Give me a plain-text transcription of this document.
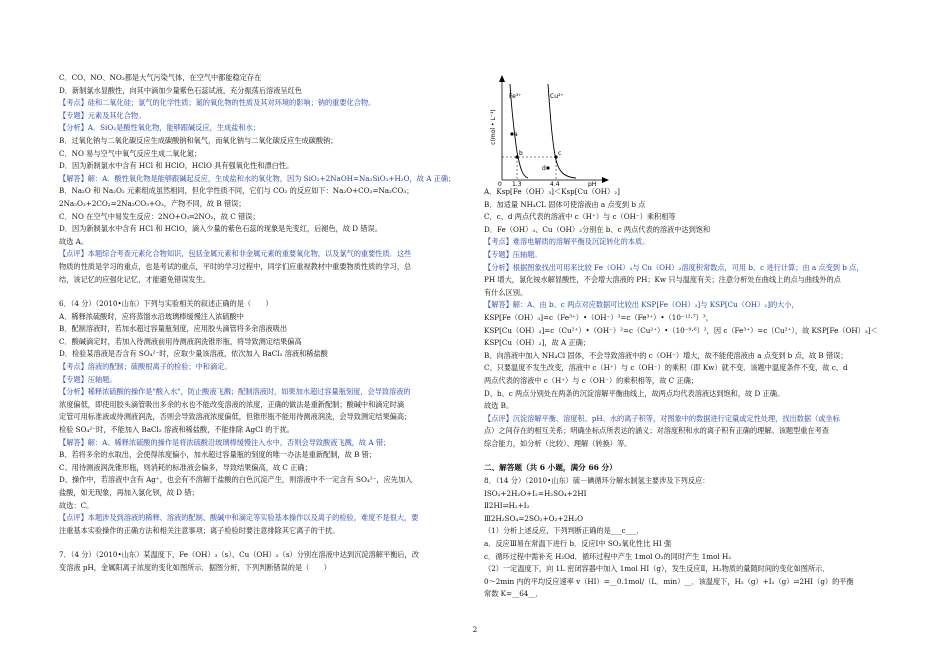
C．CO、NO、NO₂都是大气污染气体，在空气中都能稳定存在
D．新制氯水显酸性，向其中滴加少量紫色石蕊试液，充分振荡后溶液呈红色
【考点】硅和二氧化硅；氯气的化学性质；氮的氧化物的性质及其对环境的影响；钠的重要化合物。
【专题】元素及其化合物。
【分析】A．SiO₂是酸性氧化物，能够跟碱反应，生成盐和水；
B．过氧化钠与二氧化碳反应生成碳酸钠和氧气，而氧化钠与二氧化碳反应生成碳酸钠；
C．NO 易与空气中氧气反应生成二氧化氮；
D．因为新制氯水中含有 HCl 和 HClO，HClO 具有强氧化性和漂白性。
【解答】解：A．酸性氧化物是能够跟碱起反应，生成盐和水的氧化物，因为 SiO₂+2NaOH=Na₂SiO₃+H₂O，故 A 正确；
B．Na₂O 和 Na₂O₂ 元素组成虽然相同，但化学性质不同，它们与 CO₂ 的反应如下：Na₂O+CO₂=Na₂CO₃；
2Na₂O₂+2CO₂=2Na₂CO₃+O₂，产物不同，故 B 错误；
C．NO 在空气中易发生反应：2NO+O₂═2NO₂，故 C 错误；
D．因为新制氯水中含有 HCl 和 HClO，滴入少量的紫色石蕊的现象是先变红，后褪色，故 D 错误。
故选 A。
【点评】本题综合考查元素化合物知识，包括金属元素和非金属元素的重要氧化物，以及氯气的重要性质．这些
物质的性质是学习的重点，也是考试的重点，平时的学习过程中，同学们应重视教材中重要物质性质的学习，总
结，该记忆的应强化记忆，才能避免错误发生。
6．（4 分）（2010•山东）下列与实验相关的叙述正确的是（　　）
A．稀释浓硫酸时，应将蒸馏水沿玻璃棒缓慢注入浓硫酸中
B．配制溶液时，若加水超过容量瓶刻度，应用胶头滴管将多余溶液吸出
C．酸碱滴定时，若加入待测液前用待测液润洗锥形瓶，将导致测定结果偏高
D．检验某溶液是否含有 SO₄²⁻时，应取少量该溶液，依次加入 BaCl₂ 溶液和稀盐酸
【考点】溶液的配制；硫酸根离子的检验；中和滴定。
【专题】压轴题。
【分析】稀释浓硫酸的操作是"酸入水"，防止酸液飞溅；配制溶液时，如果加水超过容量瓶刻度，会导致溶液的
浓度偏低，即使用胶头滴管吸出多余的水也不能改变溶液的浓度，正确的做法是重新配制；酸碱中和滴定时滴
定管可用标准液或待测液润洗，否则会导致溶液浓度偏低，但锥形瓶不能用待测液润洗，会导致测定结果偏高；
检验 SO₄²⁻时，不能加入 BaCl₂ 溶液和稀盐酸，不能排除 AgCl 的干扰。
【解答】解：A、稀释浓硫酸的操作是将浓硫酸沿玻璃棒缓慢注入水中，否则会导致酸液飞溅，故 A 错；
B、若将多余的水取出，会使得浓度偏小，加水超过容量瓶的刻度的唯一办法是重新配制，故 B 错；
C、用待测液润洗锥形瓶，则消耗的标准液会偏多，导致结果偏高，故 C 正确；
D、操作中，若溶液中含有 Ag⁺，也会有不溶解于盐酸的白色沉淀产生，则溶液中不一定含有 SO₄²⁻，应先加入
盐酸，如无现象，再加入氯化钡，故 D 错；
故选：C。
【点评】本题涉及到溶液的稀释、溶液的配制、酸碱中和滴定等实验基本操作以及离子的检验，难度不是很大，要
注重基本实验操作的正确方法和相关注意事项；离子检验时要注意排除其它离子的干扰。
7．（4 分）（2010•山东）某温度下，Fe（OH）₃（s）、Cu（OH）₂（s）分别在溶液中达到沉淀溶解平衡后，改
变溶液 pH，金属阳离子浓度的变化如图所示．据图分析，下列判断错误的是（　　）
c(mol • L⁻¹)
Fe³⁺	Cu²⁺
a
b	c
d
0 1.3	4.4	pH
A．Ksp[Fe（OH）₃]＜Ksp[Cu（OH）₂]
B．加适量 NH₄CL 固体可使溶液由 a 点变到 b 点
C．c、d 两点代表的溶液中 c（H⁺）与 c（OH⁻）乘积相等
D．Fe（OH）₃、Cu（OH）₂分别在 b、c 两点代表的溶液中达到饱和
【考点】难溶电解质的溶解平衡及沉淀转化的本质。
【专题】压轴题。
【分析】根据图象找出可用来比较 Fe（OH）₃与 Cu（OH）₂溶度积常数点，可用 b、c 进行计算；由 a 点变到 b 点，
PH 增大，氯化铵水解显酸性，不会增大溶液的 PH；Kw 只与温度有关；注意分析处在曲线上的点与曲线外的点
有什么区别。
【解答】解：A、由 b、c 两点对应数据可比较出 KSP[Fe（OH）₃]与 KSP[Cu（OH）₂]的大小，
KSP[Fe（OH）₃]=c（Fe³⁺）•（OH⁻）³=c（Fe³⁺）•（10⁻¹²·⁷）³，
KSP[Cu（OH）₂]=c（Cu²⁺）•（OH⁻）²=c（Cu²⁺）•（10⁻⁹·⁶）²，因 c（Fe³⁺）=c（Cu²⁺），故 KSP[Fe（OH）₃]＜
KSP[Cu（OH）₂]，故 A 正确；
B、向溶液中加入 NH₄Cl 固体，不会导致溶液中的 c（OH⁻）增大，故不能使溶液由 a 点变到 b 点，故 B 错误；
C、只要温度不发生改变，溶液中 c（H⁺）与 c（OH⁻）的乘积（即 Kw）就不变．该题中温度条件不变，故 c、d
两点代表的溶液中 c（H⁺）与 c（OH⁻）的乘积相等，故 C 正确；
D、b、c 两点分别处在两条的沉淀溶解平衡曲线上，故两点均代表溶液达到饱和，故 D 正确。
故选 B。
【点评】沉淀溶解平衡、溶度积、pH、水的离子积等，对图象中的数据进行定量或定性处理，找出数据（或坐标
点）之间存在的相互关系；明确坐标点所表达的涵义；对溶度积和水的离子积有正确的理解。该题型重在考查
综合能力，如分析（比较）、理解（转换）等。
二、解答题（共 6 小题，满分 66 分）
8．（14 分）（2010•山东）硫－碘循环分解水制氢主要涉及下列反应：
ⅠSO₂+2H₂O+I₂=H₂SO₄+2HI
Ⅱ2HI⇌H₂+I₂
Ⅲ2H₂SO₄=2SO₂+O₂+2H₂O
（1）分析上述反应，下列判断正确的是___c___．
a．反应Ⅲ易在常温下进行 b．反应Ⅰ中 SO₂氧化性比 HI 强
c．循环过程中需补充 H₂Od．循环过程中产生 1mol O₂的同时产生 1mol H₂
（2）一定温度下，向 1L 密闭容器中加入 1mol HI（g），发生反应Ⅱ，H₂物质的量随时间的变化如图所示．
0～2min 内的平均反应速率 v（HI）=__0.1mol/（L．min）__．该温度下，H₂（g）+I₂（g）⇌2HI（g）的平衡
常数 K=__64__．
2
